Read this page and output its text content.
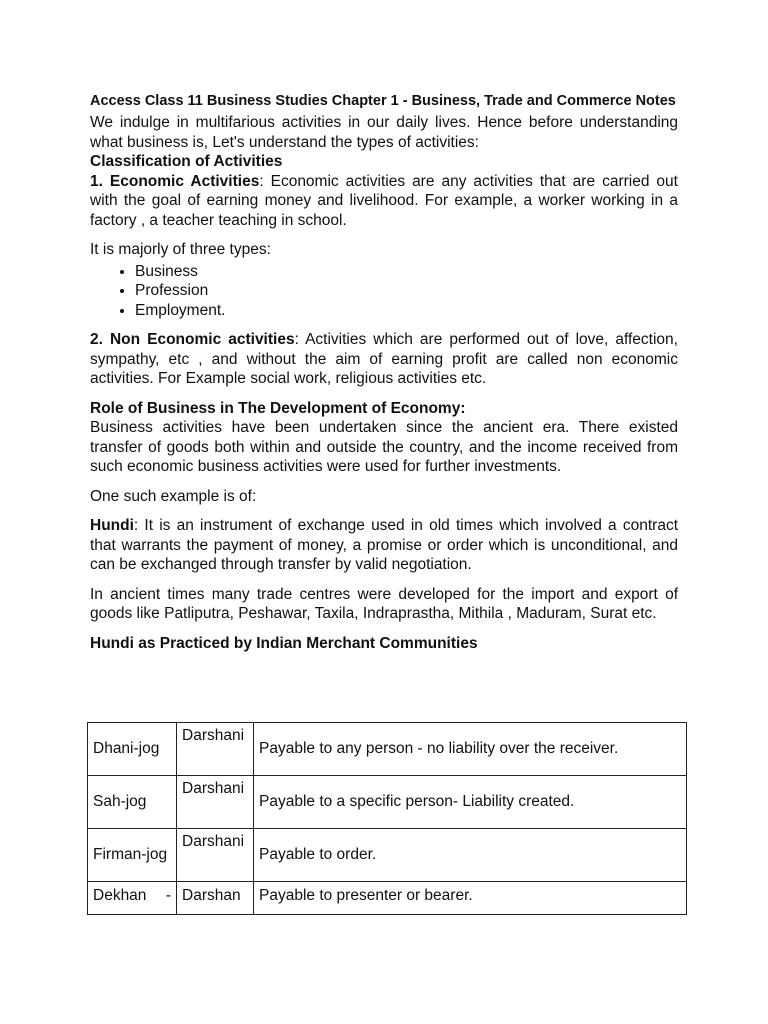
Access Class 11 Business Studies Chapter 1 - Business, Trade and Commerce Notes

We indulge in multifarious activities in our daily lives. Hence before understanding what business is, Let's understand the types of activities:

Classification of Activities

1. Economic Activities: Economic activities are any activities that are carried out with the goal of earning money and livelihood. For example, a worker working in a factory , a teacher teaching in school.

It is majorly of three types:

• Business
• Profession
• Employment.

2. Non Economic activities: Activities which are performed out of love, affection, sympathy, etc , and without the aim of earning profit are called non economic activities. For Example social work, religious activities etc.

Role of Business in The Development of Economy:

Business activities have been undertaken since the ancient era. There existed transfer of goods both within and outside the country, and the income received from such economic business activities were used for further investments.

One such example is of:

Hundi: It is an instrument of exchange used in old times which involved a contract that warrants the payment of money, a promise or order which is unconditional, and can be exchanged through transfer by valid negotiation.

In ancient times many trade centres were developed for the import and export of goods like Patliputra, Peshawar, Taxila, Indraprastha, Mithila , Maduram, Surat etc.

Hundi as Practiced by Indian Merchant Communities

Dhani-jog	Darshani	Payable to any person - no liability over the receiver.
Sah-jog	Darshani	Payable to a specific person- Liability created.
Firman-jog	Darshani	Payable to order.
Dekhan -	Darshan	Payable to presenter or bearer.
